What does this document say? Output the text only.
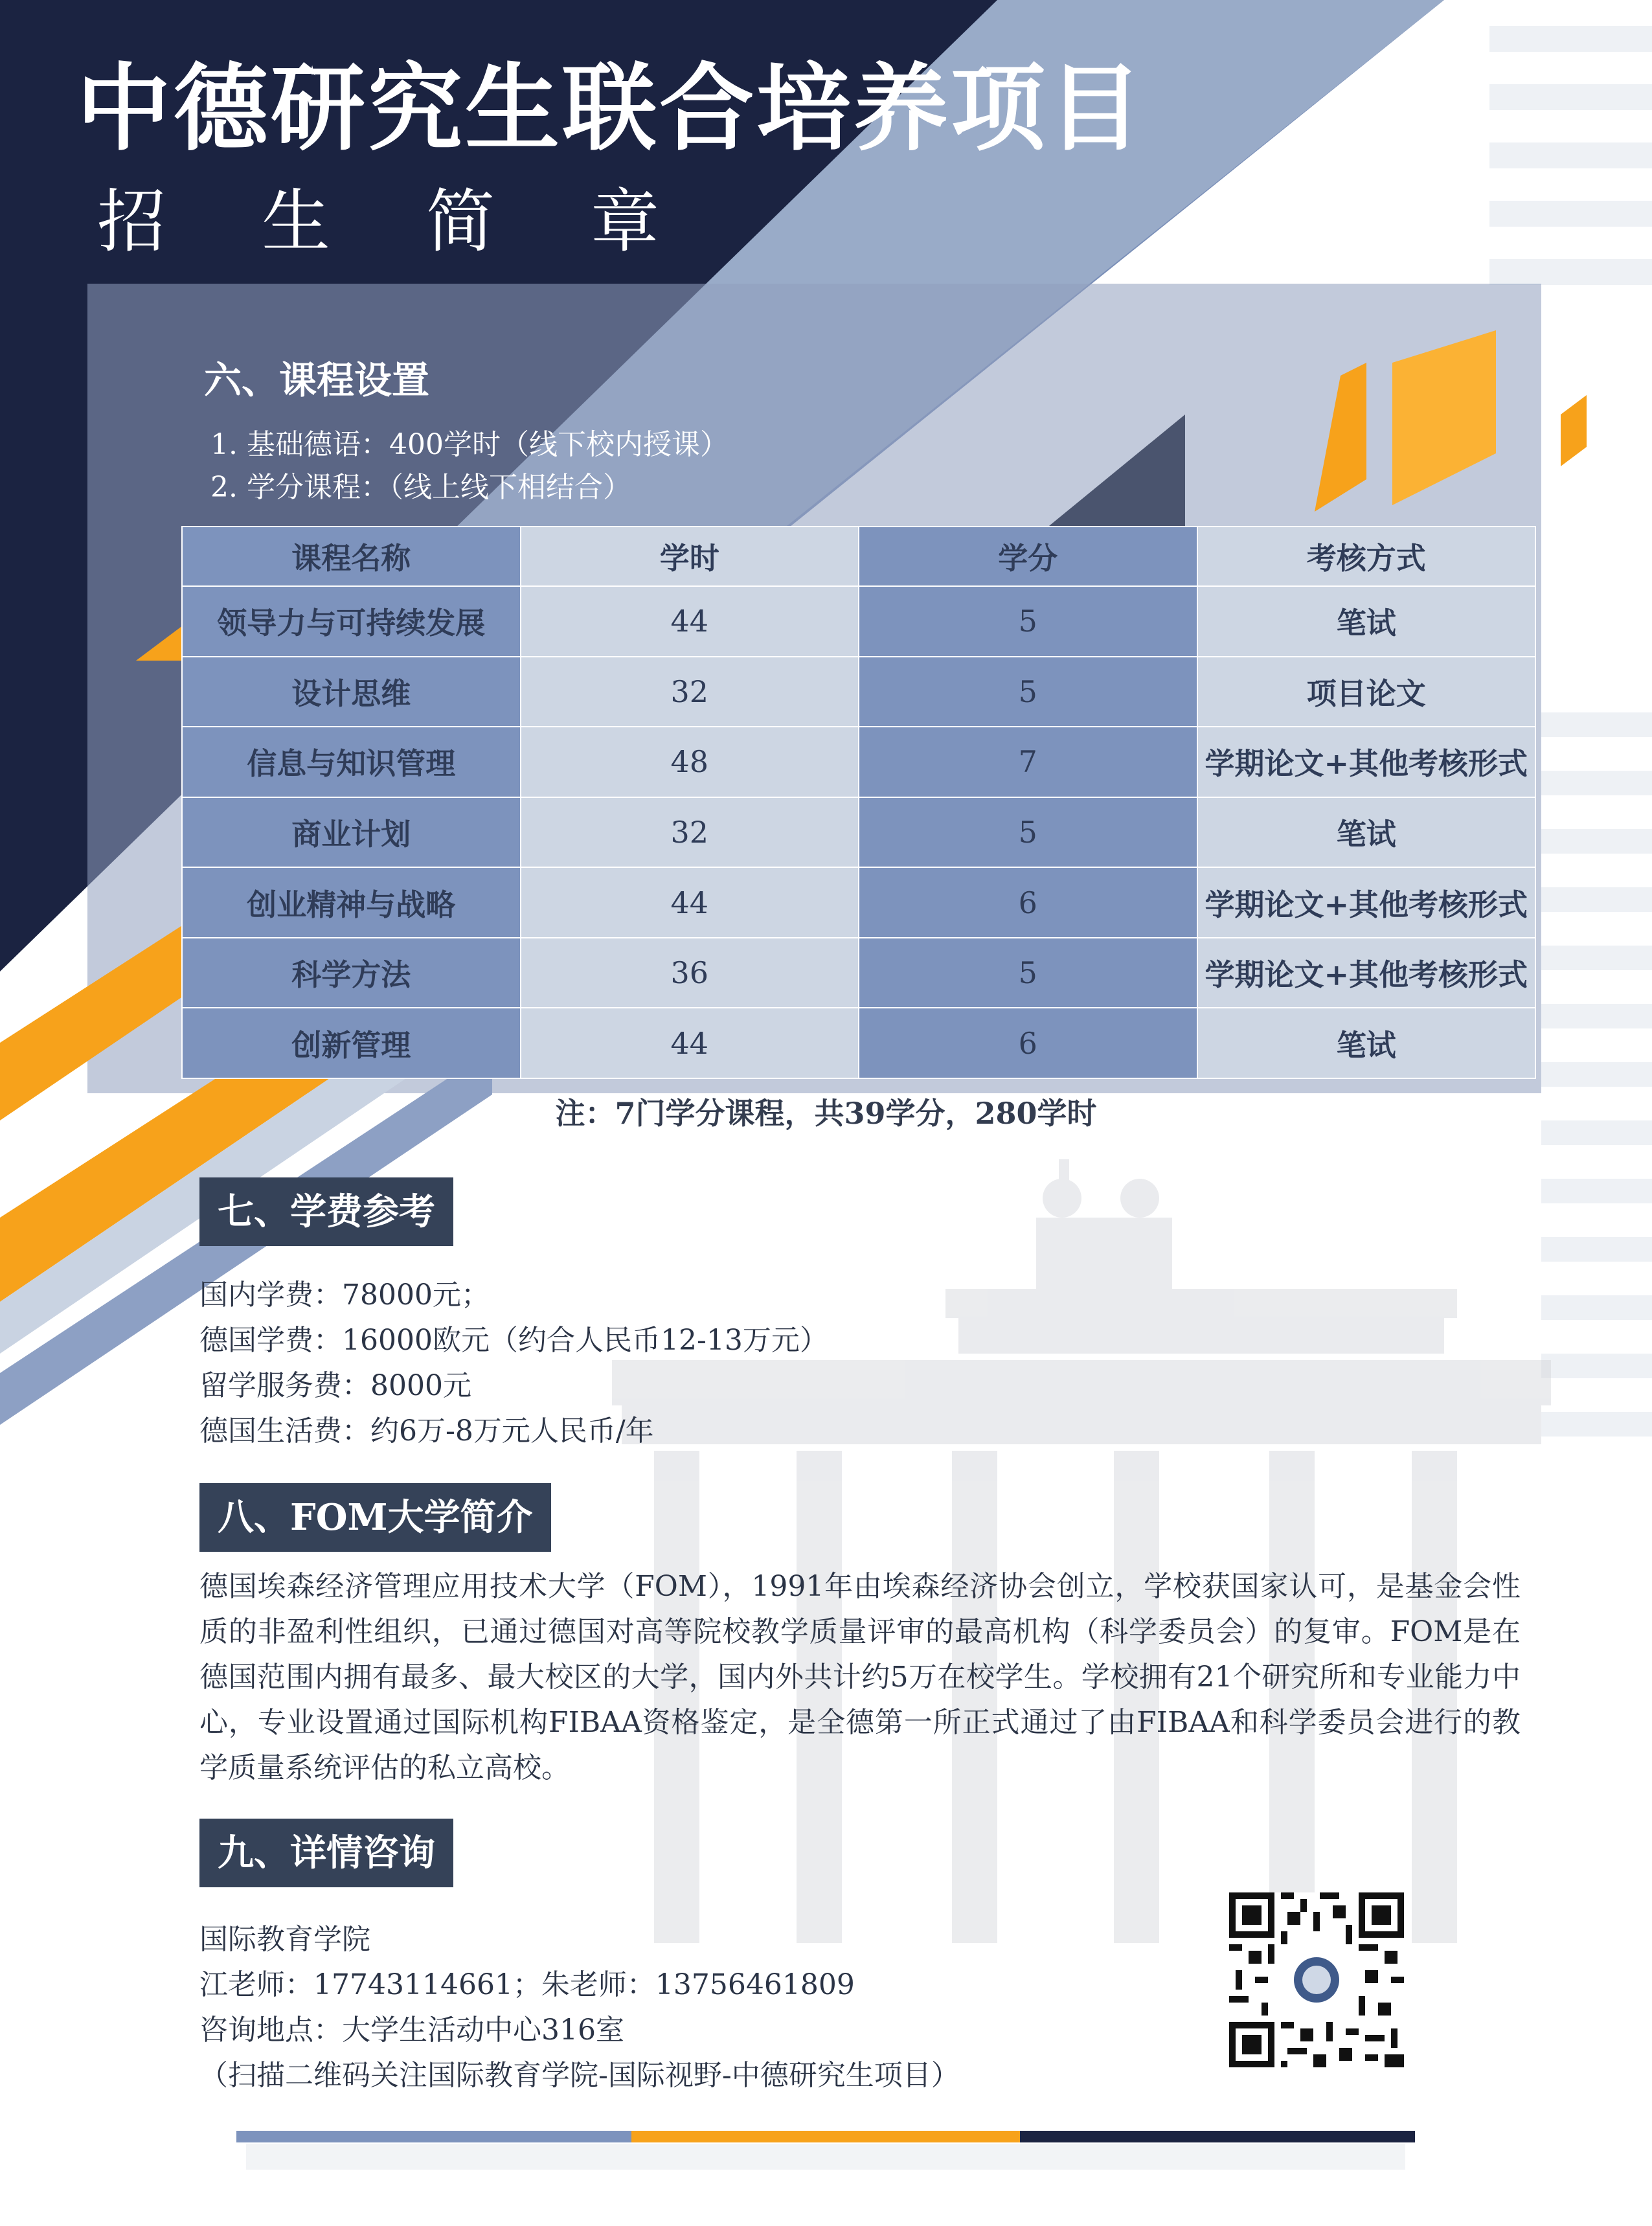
中德研究生联合培养项目
招生简章
六、课程设置
1. 基础德语：400学时（线下校内授课）
2. 学分课程：（线上线下相结合）
课程名称	学时	学分	考核方式
领导力与可持续发展	44	5	笔试
设计思维	32	5	项目论文
信息与知识管理	48	7	学期论文+其他考核形式
商业计划	32	5	笔试
创业精神与战略	44	6	学期论文+其他考核形式
科学方法	36	5	学期论文+其他考核形式
创新管理	44	6	笔试
注：7门学分课程，共39学分，280学时
七、学费参考
国内学费：78000元；
德国学费：16000欧元（约合人民币12-13万元）
留学服务费：8000元
德国生活费：约6万-8万元人民币/年
八、FOM大学简介
德国埃森经济管理应用技术大学（FOM），1991年由埃森经济协会创立，学校获国家认可，是基金会性质的非盈利性组织，已通过德国对高等院校教学质量评审的最高机构（科学委员会）的复审。FOM是在德国范围内拥有最多、最大校区的大学，国内外共计约5万在校学生。学校拥有21个研究所和专业能力中心，专业设置通过国际机构FIBAA资格鉴定，是全德第一所正式通过了由FIBAA和科学委员会进行的教学质量系统评估的私立高校。
九、详情咨询
国际教育学院
江老师：17743114661；朱老师：13756461809
咨询地点：大学生活动中心316室
（扫描二维码关注国际教育学院-国际视野-中德研究生项目）
